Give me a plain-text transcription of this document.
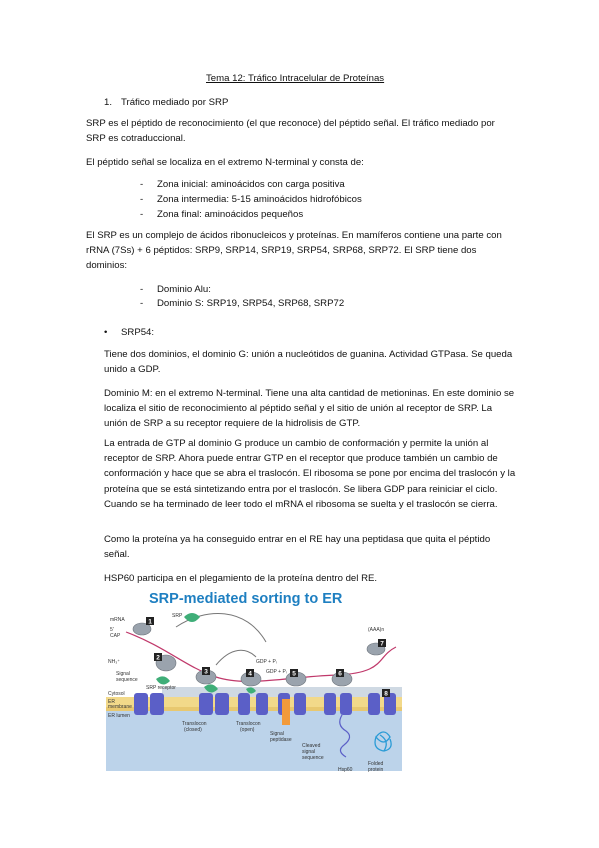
Tema 12: Tráfico Intracelular de Proteínas
1. Tráfico mediado por SRP
SRP es el péptido de reconocimiento (el que reconoce) del péptido señal. El tráfico mediado por SRP es cotraduccional.
El péptido señal se localiza en el extremo N-terminal y consta de:
- Zona inicial: aminoácidos con carga positiva
- Zona intermedia: 5-15 aminoácidos hidrofóbicos
- Zona final: aminoácidos pequeños
El SRP es un complejo de ácidos ribonucleicos y proteínas. En mamíferos contiene una parte con rRNA (7Ss) + 6 péptidos: SRP9, SRP14, SRP19, SRP54, SRP68, SRP72. El SRP tiene dos dominios:
- Dominio Alu:
- Dominio S: SRP19, SRP54, SRP68, SRP72
• SRP54:
Tiene dos dominios, el dominio G: unión a nucleótidos de guanina. Actividad GTPasa. Se queda unido a GDP.
Dominio M: en el extremo N-terminal. Tiene una alta cantidad de metioninas. En este dominio se localiza el sitio de reconocimiento al péptido señal y el sitio de unión al receptor de SRP. La unión de SRP a su receptor requiere de la hidrolisis de GTP.
La entrada de GTP al dominio G produce un cambio de conformación y permite la unión al receptor de SRP. Ahora puede entrar GTP en el receptor que produce también un cambio de conformación y hace que se abra el traslocón. El ribosoma se pone por encima del traslocón y la proteína que se está sintetizando entra por el traslocón. Se libera GDP para reiniciar el ciclo. Cuando se ha terminado de leer todo el mRNA el ribosoma se suelta y el traslocón se cierra.
Como la proteína ya ha conseguido entrar en el RE hay una peptidasa que quita el péptido señal.
HSP60 participa en el plegamiento de la proteína dentro del RE.
SRP-mediated sorting to ER
1
2
3	4	5	6
7
8
mRNA
5'
CAP
SRP
NH₃⁺
Signal
sequence
SRP receptor
(AAA)n
Cytosol
ER
membrane
ER lumen
Translocon
(closed)
Translocon
(open)
Signal
peptidase
Cleaved
signal
sequence
Hsp60
Folded
protein
GDP + Pᵢ
GDP + Pᵢ
